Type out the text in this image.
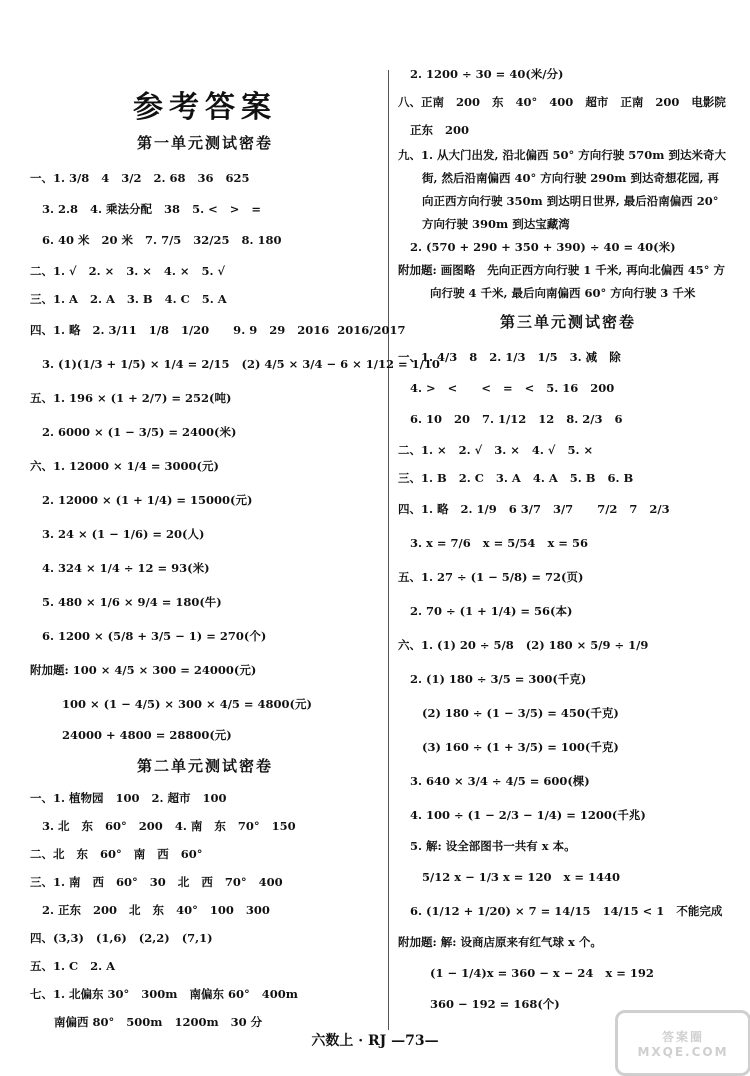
参考答案
第一单元测试密卷
一、1. 3/8   4   3/2   2. 68   36   625
3. 2.8   4. 乘法分配   38   5. <   >   =
6. 40 米   20 米   7. 7/5   32/25   8. 180
二、1. √   2. ×   3. ×   4. ×   5. √
三、1. A   2. A   3. B   4. C   5. A
四、1. 略   2. 3/11   1/8   1/20      9. 9   29   2016  2016/2017
3. (1)(1/3 + 1/5) × 1/4 = 2/15   (2) 4/5 × 3/4 − 6 × 1/12 = 1/10
五、1. 196 × (1 + 2/7) = 252(吨)
2. 6000 × (1 − 3/5) = 2400(米)
六、1. 12000 × 1/4 = 3000(元)
2. 12000 × (1 + 1/4) = 15000(元)
3. 24 × (1 − 1/6) = 20(人)
4. 324 × 1/4 ÷ 12 = 93(米)
5. 480 × 1/6 × 9/4 = 180(牛)
6. 1200 × (5/8 + 3/5 − 1) = 270(个)
附加题: 100 × 4/5 × 300 = 24000(元)
100 × (1 − 4/5) × 300 × 4/5 = 4800(元)
24000 + 4800 = 28800(元)
第二单元测试密卷
一、1. 植物园   100   2. 超市   100
3. 北   东   60°   200   4. 南   东   70°   150
二、北   东   60°   南   西   60°
三、1. 南   西   60°   30   北   西   70°   400
2. 正东   200   北   东   40°   100   300
四、(3,3)   (1,6)   (2,2)   (7,1)
五、1. C   2. A
七、1. 北偏东 30°   300m   南偏东 60°   400m
南偏西 80°   500m   1200m   30 分
2. 1200 ÷ 30 = 40(米/分)
八、正南   200   东   40°   400   超市   正南   200   电影院
正东   200
九、1. 从大门出发, 沿北偏西 50° 方向行驶 570m 到达米奇大
街, 然后沿南偏西 40° 方向行驶 290m 到达奇想花园, 再
向正西方向行驶 350m 到达明日世界, 最后沿南偏西 20°
方向行驶 390m 到达宝藏湾
2. (570 + 290 + 350 + 390) ÷ 40 = 40(米)
附加题: 画图略   先向正西方向行驶 1 千米, 再向北偏西 45° 方
向行驶 4 千米, 最后向南偏西 60° 方向行驶 3 千米
第三单元测试密卷
一、1. 4/3   8   2. 1/3   1/5   3. 减   除
4. >   <      <   =   <   5. 16   200
6. 10   20   7. 1/12   12   8. 2/3   6
二、1. ×   2. √   3. ×   4. √   5. ×
三、1. B   2. C   3. A   4. A   5. B   6. B
四、1. 略   2. 1/9   6 3/7   3/7      7/2   7   2/3
3. x = 7/6   x = 5/54   x = 56
五、1. 27 ÷ (1 − 5/8) = 72(页)
2. 70 ÷ (1 + 1/4) = 56(本)
六、1. (1) 20 ÷ 5/8   (2) 180 × 5/9 ÷ 1/9
2. (1) 180 ÷ 3/5 = 300(千克)
(2) 180 ÷ (1 − 3/5) = 450(千克)
(3) 160 ÷ (1 + 3/5) = 100(千克)
3. 640 × 3/4 ÷ 4/5 = 600(棵)
4. 100 ÷ (1 − 2/3 − 1/4) = 1200(千兆)
5. 解: 设全部图书一共有 x 本。
5/12 x − 1/3 x = 120   x = 1440
6. (1/12 + 1/20) × 7 = 14/15   14/15 < 1   不能完成
附加题: 解: 设商店原来有红气球 x 个。
(1 − 1/4)x = 360 − x − 24   x = 192
360 − 192 = 168(个)
六数上 · RJ —73—	答案圈
MXQE.COM
